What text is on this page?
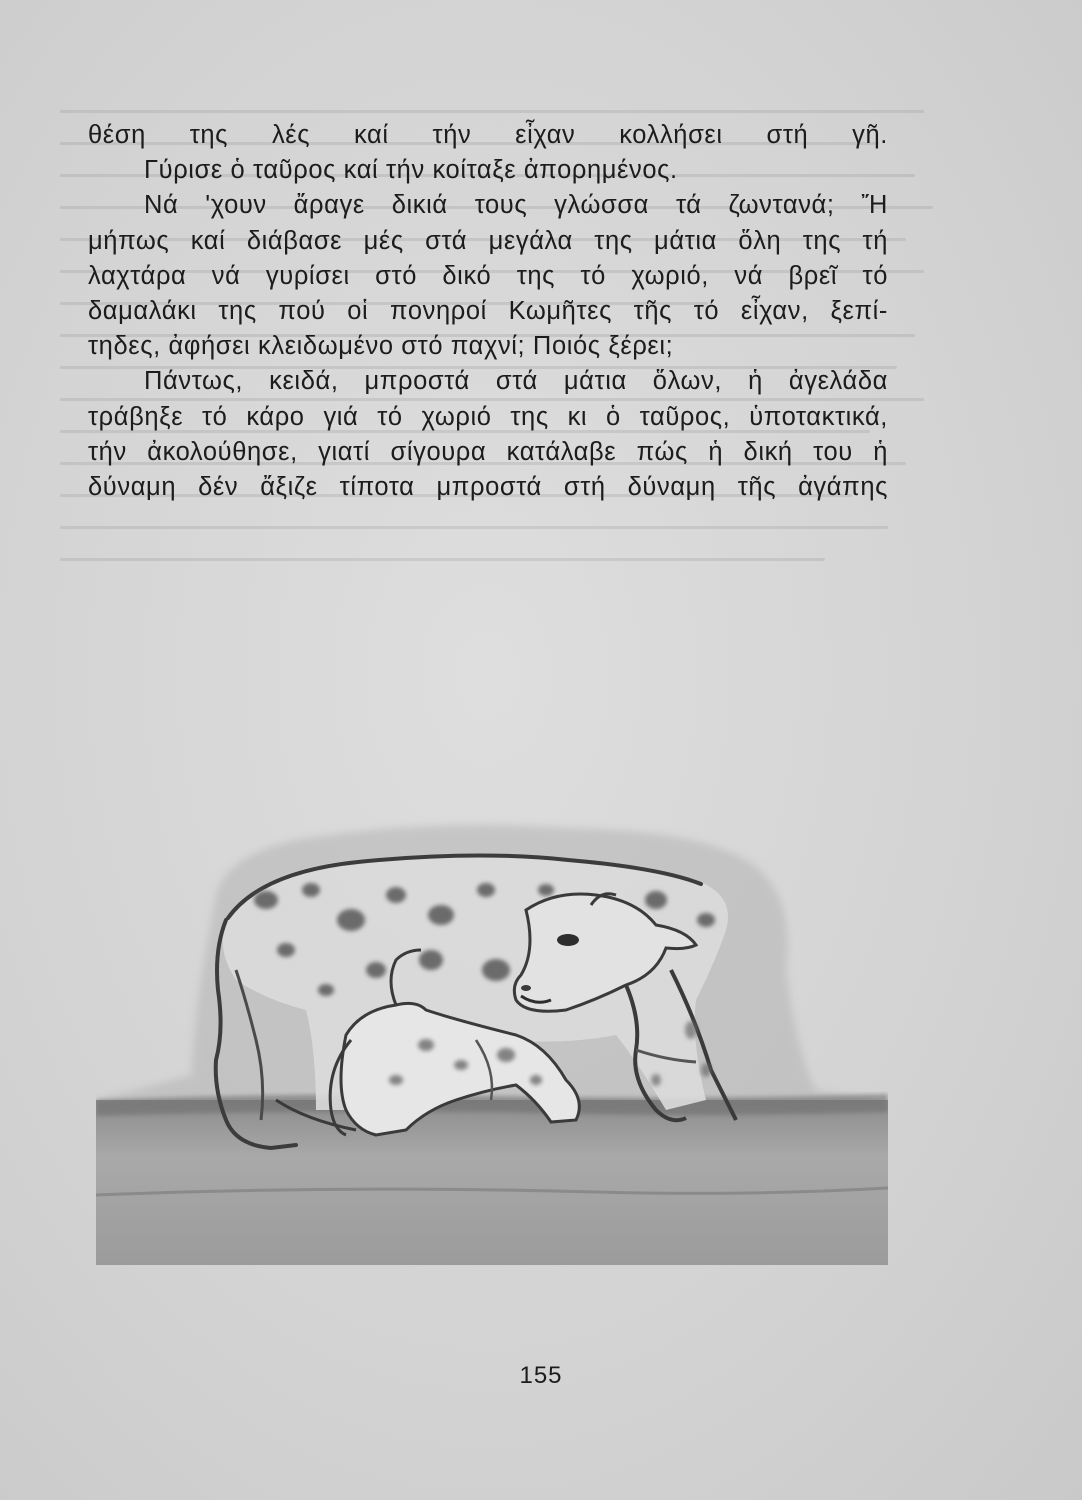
θέση της λές καί τήν εἶχαν κολλήσει στή γῆ.
Γύρισε ὁ ταῦρος καί τήν κοίταξε ἀπορημένος.
Νά 'χουν ἄραγε δικιά τους γλώσσα τά ζωντανά; Ἤ
μήπως καί διάβασε μές στά μεγάλα της μάτια ὅλη της τή
λαχτάρα νά γυρίσει στό δικό της τό χωριό, νά βρεῖ τό
δαμαλάκι της πού οἱ πονηροί Κωμῆτες τῆς τό εἶχαν, ξεπί-
τηδες, ἀφήσει κλειδωμένο στό παχνί; Ποιός ξέρει;
Πάντως, κειδά, μπροστά στά μάτια ὅλων, ἡ ἀγελάδα
τράβηξε τό κάρο γιά τό χωριό της κι ὁ ταῦρος, ὑποτακτικά,
τήν ἀκολούθησε, γιατί σίγουρα κατάλαβε πώς ἡ δική του ἡ
δύναμη δέν ἄξιζε τίποτα μπροστά στή δύναμη τῆς ἀγάπης
155
